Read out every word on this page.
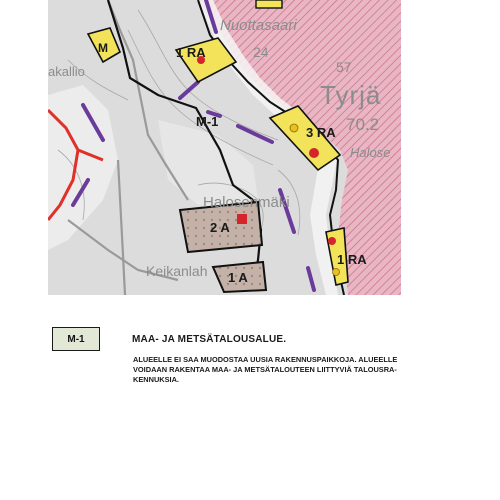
M	1 RA
M-1
3 RA
1 RA
2 A
1 A
Nuottasaari
akallio
Tyrjä
Halosenmäki
Halose
Keikanlah
24
57
70.2
M-1	MAA- JA METSÄTALOUSALUE.
ALUEELLE EI SAA MUODOSTAA UUSIA RAKENNUSPAIKKOJA. ALUEELLE
VOIDAAN RAKENTAA MAA- JA METSÄTALOUTEEN LIITTYVIÄ TALOUSRA-
KENNUKSIA.
